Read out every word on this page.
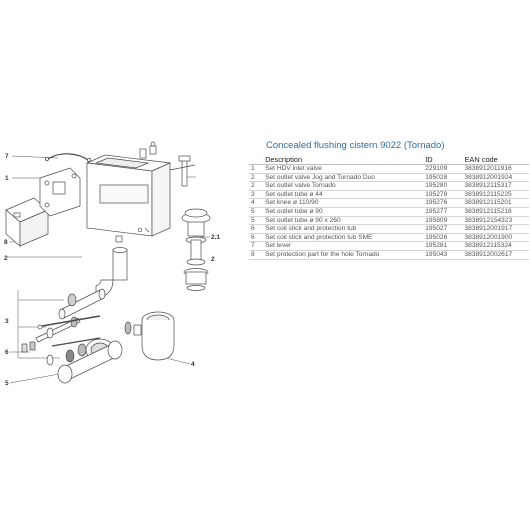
7
1
8
2
2.1
2
3
6
4
5
Concealed flushing cistern 9022 (Tornado)
	Description	ID	EAN code
1	Set HDV inlet valve	229109	3838912011916
2	Set outlet valve Jog and Tornado Duo	195028	3838912001924
2	Set outlet valve Tornado	195280	3838912115317
3	Set outlet tube ø 44	195278	3838912115225
4	Set knee ø 110/90	195276	3838912115201
5	Set outlet tube ø 90	195277	3838912115218
5	Set outlet tube ø 90 x 260	195809	3838912154323
6	Set coil stick and protection tub	195027	3838912001917
6	Set coil stick and protection tub SME	195026	3838912001900
7	Set lever	195281	3838912115324
8	Set protection part for the hole Tornado	195043	3838912002617
